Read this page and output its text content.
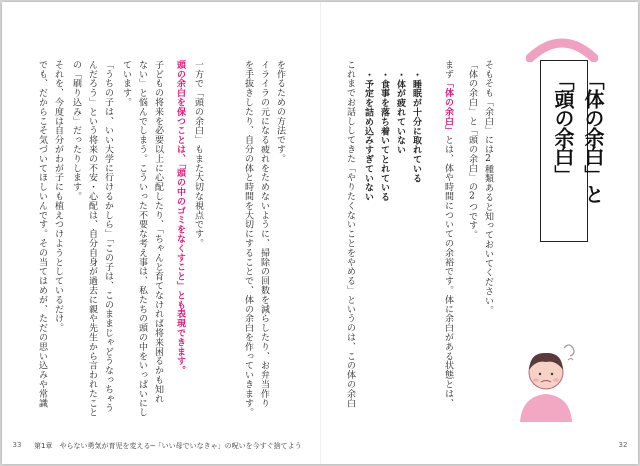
「体の余白」と
「頭の余白」
そもそも「余白」には2種類あると知っておいてください。
「体の余白」と「頭の余白」の2つです。
まず「体の余白」とは、体や時間についての余裕です。体に余白がある状態とは、
・睡眠が十分に取れている
・体が疲れていない
・食事を落ち着いてとれている
・予定を詰め込みすぎていない
これまでお話ししてきた「やりたくないことをやめる」というのは、この体の余白
を作るための方法です。
イライラの元になる疲れをためないように、掃除の回数を減らしたり、お弁当作り
を手抜きしたり、自分の体と時間を大切にすることで、体の余白を作っていきます。
一方で「頭の余白」もまた大切な視点です。
頭の余白を保つことは、「頭の中のゴミをなくすこと」とも表現できます。
子どもの将来を必要以上に心配したり、「ちゃんと育てなければ将来困るかも知れ
ない」と悩んでしまう。こういった不要な考え事は、私たちの頭の中をいっぱいにし
ています。
「うちの子は、いい大学に行けるかしら」「この子は、このままじゃどうなっちゃう
んだろう」という将来の不安・心配は、自分自身が過去に親や先生から言われたこと
の「刷り込み」だったりします。
それを、今度は自分がわが子にも植えつけようとしているだけ。
でも、だからこそ気づいてほしいんです。その当てはめが、ただの思い込みや常識
第1章　やらない勇気が育児を変える─「いい母でいなきゃ」の呪いを今すぐ捨てよう
33	32
